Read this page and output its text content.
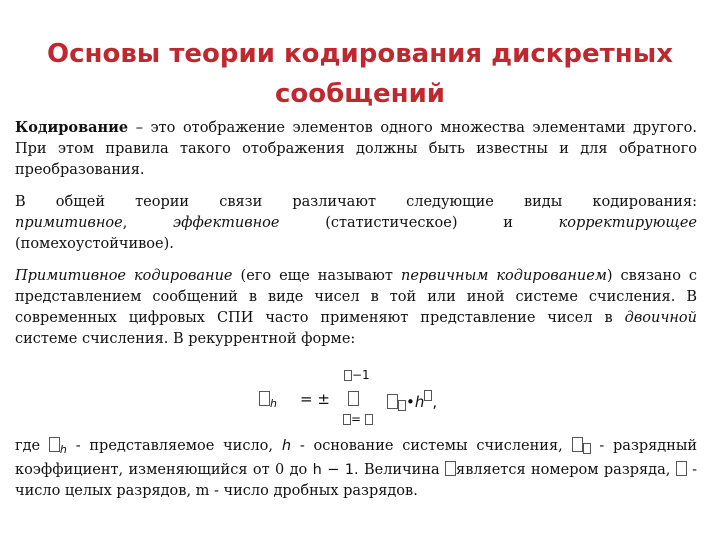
Основы теории кодирования дискретных
сообщений
Кодирование – это отображение элементов одного множества элементами другого. При этом правила такого отображения должны быть известны и для обратного преобразования.
В общей теории связи различают следующие виды кодирования:
примитивное,	эффективное	(статистическое)	и	корректирующее
(помехоустойчивое).
Примитивное кодирование (его еще называют первичным кодированием) связано с представлением сообщений в виде чисел в той или иной системе счисления. В современных цифровых СПИ часто применяют представление чисел в двоичной системе счисления. В рекуррентной форме:
−1
$_h$ = ±	•h ,
=
где $_h$ - представляемое число, h - основание системы счисления,	- разрядный коэффициент, изменяющийся от 0 до h − 1. Величина является номером разряда, - число целых разрядов, m - число дробных разрядов.
